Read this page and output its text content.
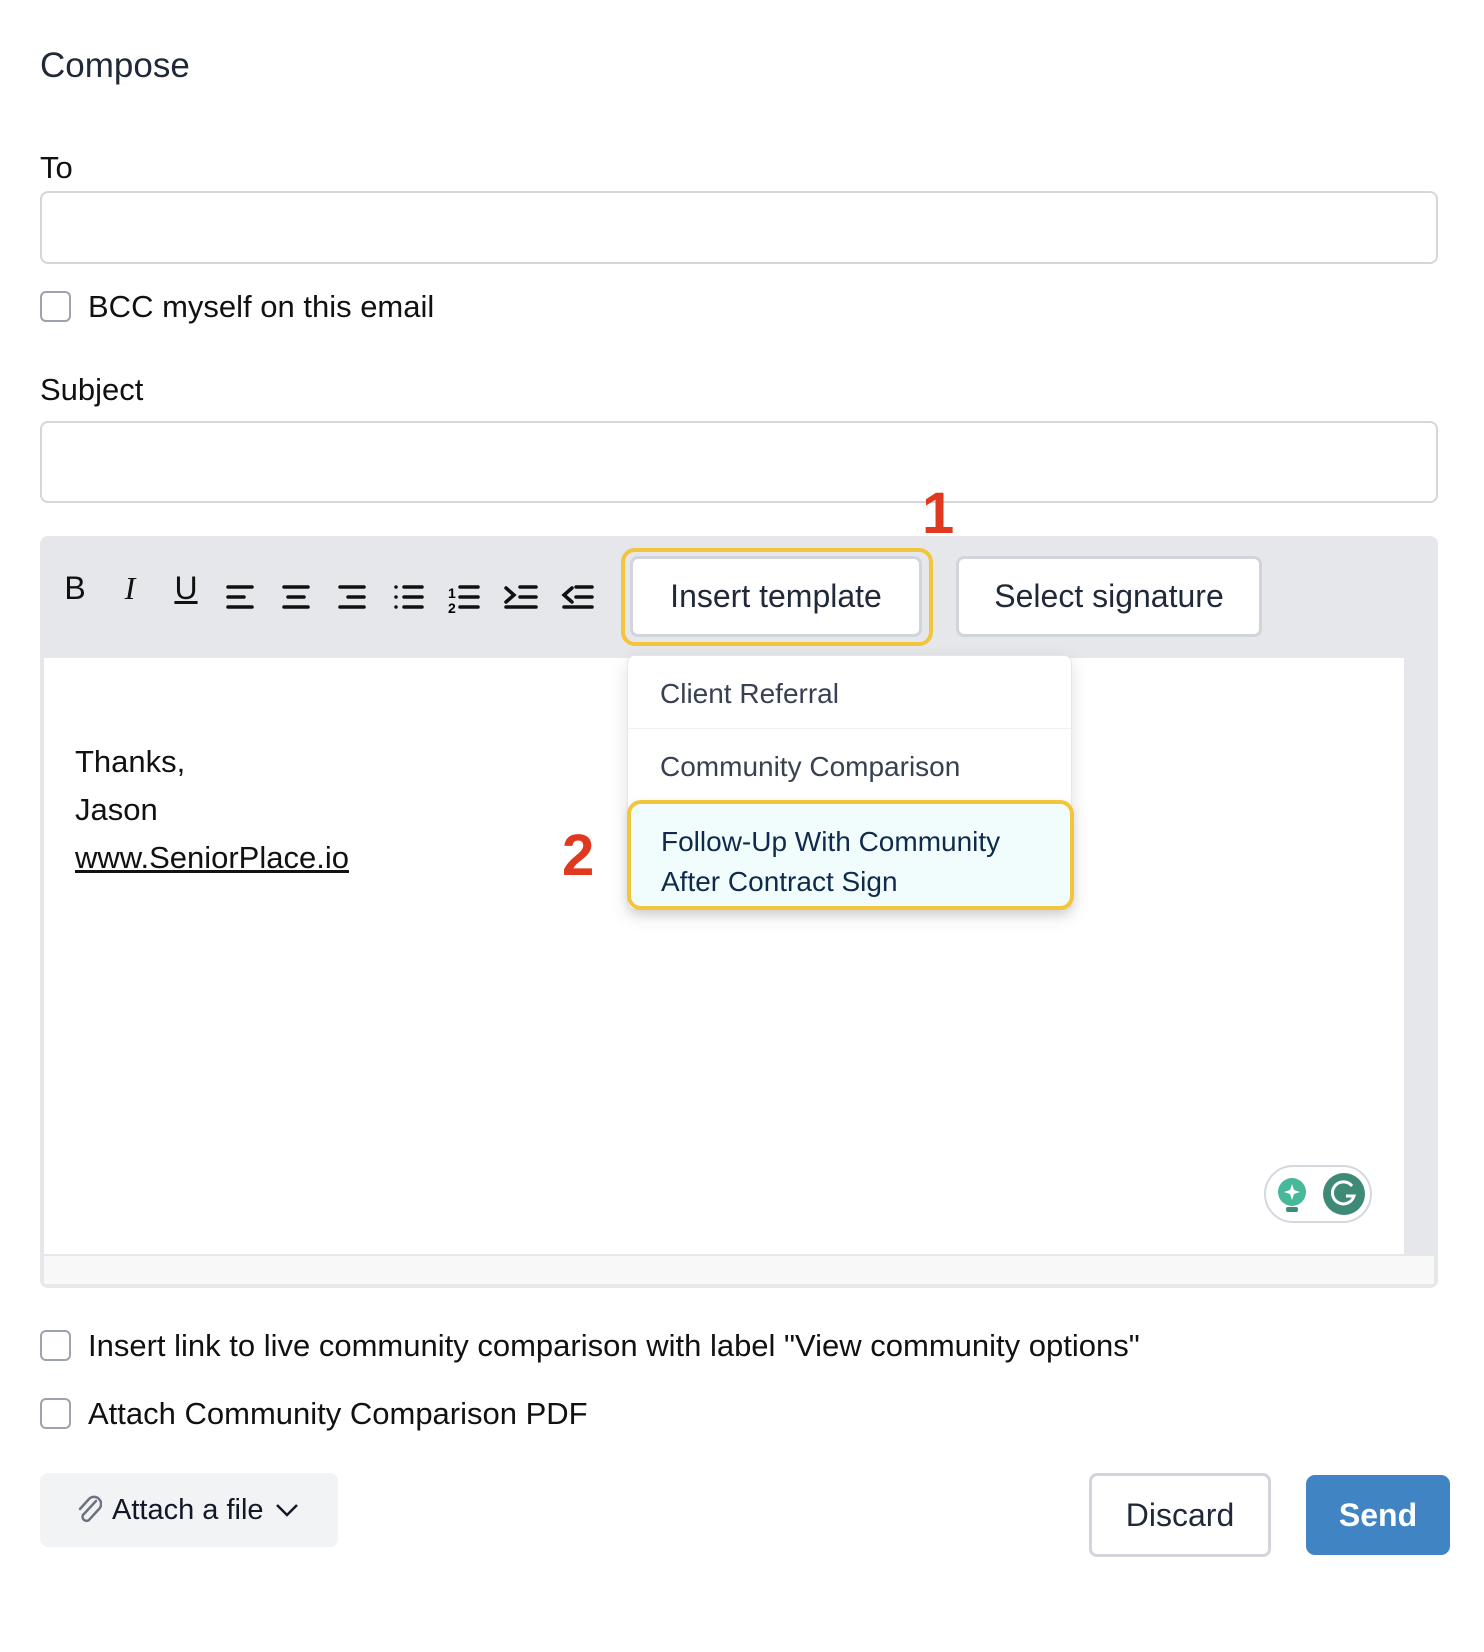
Compose
To
BCC myself on this email
Subject
B	I	U	1
2	Insert template	Select signature
1
2
Thanks,
Jason
www.SeniorPlace.io
Client Referral
Community Comparison
Follow-Up With Community After Contract Sign
Insert link to live community comparison with label "View community options"
Attach Community Comparison PDF
Attach a file	Discard	Send
